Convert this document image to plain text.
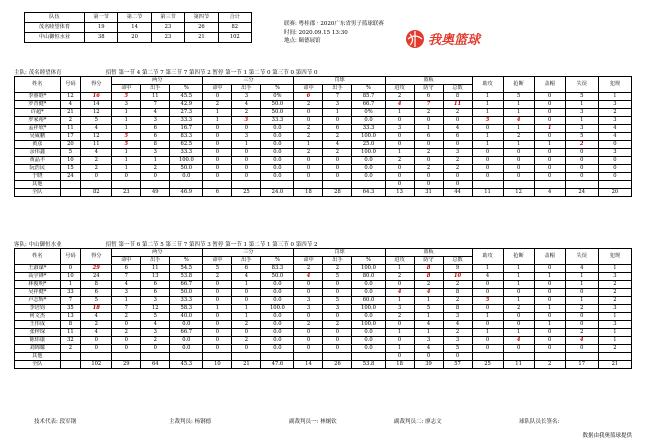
队伍	第一节	第二节	第三节	第四节	合计
茂名睦望体育	19	14	23	26	82
中山御恒水业	38	20	23	21	102
联赛: 粤桂郡 · 2020广东省男子篮球联赛
时间: 2020.09.15 13:30
地点: 颐德展馆	我奥篮球
主队: 茂名睦望体育	招暂 第一节 4 第二节 7 第三节 7 第四节 2 暂停 第一节 1 第二节 0 第三节 0 第四节 0
姓名	号码	得分	两分			三分			罚球			篮板			助攻	抢断	盖帽	失误	犯规
			命中	出手	%	命中	出手	%	命中	出手	%	进攻	防守	总数					
李睿晗*	12	16	5	11	45.5	0	3	0%	6	7	85.7	2	6	8	1	5	0	5	1
罗青健*	4	14	3	7	42.9	2	4	50.0	2	3	66.7	4	7	11	1	1	0	1	3
许超*	21	12	1	4	27.3	1	2	50.0	0	1	0%	1	2	2	1	1	0	3	2
罗家裕*	2	5	1	3	33.3	1	3	33.3	0	0	0.0	0	0	0	5	4	0	1	3
孟祥欣*	11	4	1	6	16.7	0	0	0.0	2	6	33.3	3	1	4	0	1	1	3	4
吴威鹏	17	12	5	6	83.3	0	3	0.0	2	2	100.0	0	6	6	1	2	0	5	4
黄彦	20	11	5	8	62.5	0	1	0.0	1	4	25.0	0	0	0	1	1	1	2	0
余伟鑫	5	4	1	3	33.3	0	0	0.0	2	2	100.0	1	2	3	0	0	0	0	3
黄晶丰	10	2	1	1	100.0	0	0	0.0	0	0	0.0	2	0	2	0	0	0	0	0
阮浩民	15	2	1	2	50.0	0	0	0.0	0	0	0.0	0	2	2	0	0	0	0	0
于晓	24	0	0	0	0.0	0	0	0.0	0	0	0.0	0	0	0	0	0	0	0	0
其他												0	0	0					
全队		82	23	49	46.9	6	25	24.0	18	28	64.3	13	31	44	11	12	4	24	20
客队: 中山御恒水业	招暂 第一节 6 第二节 5 第三节 7 第四节 3 暂停 第一节 1 第二节 1 第三节 0 第四节 2
姓名	号码	得分	两分			三分			罚球			篮板			助攻	抢断	盖帽	失误	犯规
			命中	出手	%	命中	出手	%	命中	出手	%	进攻	防守	总数					
王淑谋*	0	29	6	11	54.5	5	6	83.3	2	2	100.0	1	8	9	1	1	0	4	1
高宇锋*	10	24	7	13	53.8	2	4	50.0	4	5	80.0	2	8	10	4	1	1	1	3
林俊明*	1	8	4	6	66.7	0	1	0.0	0	0	0.0	0	2	2	0	1	0	1	2
吴祥健*	33	6	3	6	50.0	0	0	0.0	0	0	0.0	4	4	8	0	0	0	0	2
卢志辉*	7	5	1	3	33.3	0	0	0.0	3	5	60.0	1	1	2	5	1	0	1	2
李培钧	35	18	7	12	58.3	1	1	100.0	3	3	100.0	3	5	8	0	2	1	2	3
何文杰	13	4	2	5	40.0	0	1	0.0	0	0	0.0	2	1	3	1	0	0	0	1
王伟成	8	2	0	4	0.0	0	2	0.0	2	2	100.0	0	4	4	0	0	1	0	3
张梓琛	11	4	2	3	66.7	0	0	0.0	0	0	0.0	1	1	2	1	1	0	2	1
陈炜康	32	0	0	2	0.0	0	2	0.0	0	0	0.0	0	3	3	0	4	0	4	1
刘锦耀	2	0	0	0	0.0	0	0	0.0	0	0	0.0	1	4	5	0	0	0	0	2
其他												0	0	0					
全队		102	29	64	45.3	10	21	47.6	14	26	53.8	18	39	57	25	11	2	17	21
技术代表: 段军钢	主裁判员: 杨钢德	副裁判员一: 林炯钦	副裁判员二: 廖志文	球队队员长签名:
数据由我奥篮球提供
